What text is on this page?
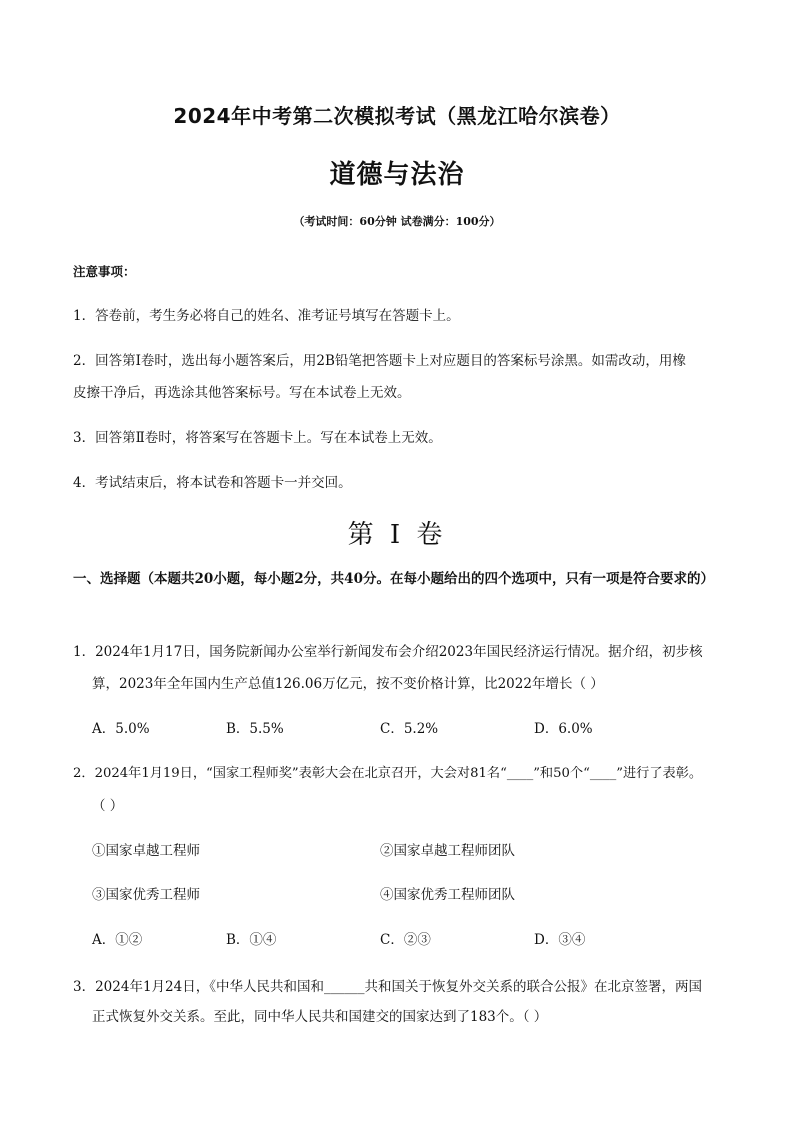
2024年中考第二次模拟考试（黑龙江哈尔滨卷）
道德与法治
（考试时间：60分钟 试卷满分：100分）
注意事项：
1．答卷前，考生务必将自己的姓名、准考证号填写在答题卡上。
2．回答第Ⅰ卷时，选出每小题答案后，用2B铅笔把答题卡上对应题目的答案标号涂黑。如需改动，用橡
皮擦干净后，再选涂其他答案标号。写在本试卷上无效。
3．回答第Ⅱ卷时，将答案写在答题卡上。写在本试卷上无效。
4．考试结束后，将本试卷和答题卡一并交回。
第 I 卷
一、选择题（本题共20小题，每小题2分，共40分。在每小题给出的四个选项中，只有一项是符合要求的）
1．2024年1月17日，国务院新闻办公室举行新闻发布会介绍2023年国民经济运行情况。据介绍，初步核
算，2023年全年国内生产总值126.06万亿元，按不变价格计算，比2022年增长（ ）
A．5.0%	B．5.5%	C．5.2%	D．6.0%
2．2024年1月19日，“国家工程师奖”表彰大会在北京召开，大会对81名“____”和50个“____”进行了表彰。
（ ）
①国家卓越工程师	②国家卓越工程师团队
③国家优秀工程师	④国家优秀工程师团队
A．①②	B．①④	C．②③	D．③④
3．2024年1月24日，《中华人民共和国和______共和国关于恢复外交关系的联合公报》在北京签署，两国
正式恢复外交关系。至此，同中华人民共和国建交的国家达到了183个。（ ）
